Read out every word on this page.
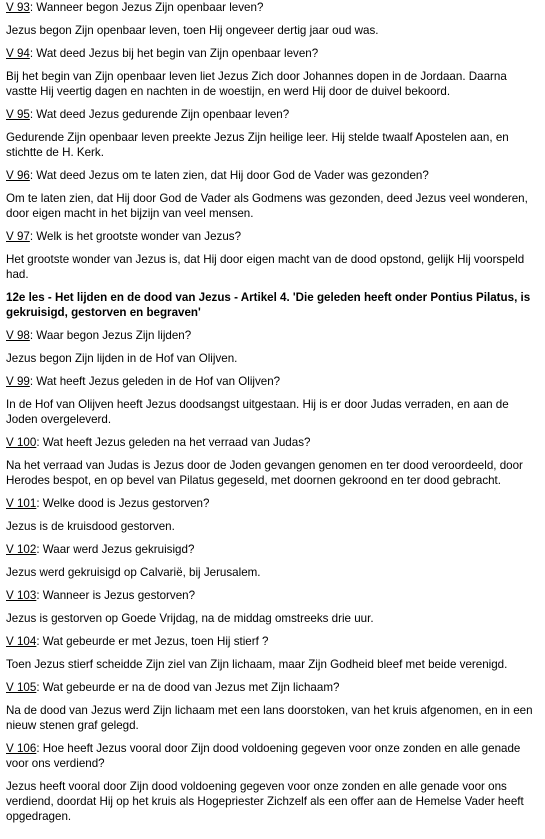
V 93: Wanneer begon Jezus Zijn openbaar leven?

Jezus begon Zijn openbaar leven, toen Hij ongeveer dertig jaar oud was.

V 94: Wat deed Jezus bij het begin van Zijn openbaar leven?

Bij het begin van Zijn openbaar leven liet Jezus Zich door Johannes dopen in de Jordaan. Daarna vastte Hij veertig dagen en nachten in de woestijn, en werd Hij door de duivel bekoord.

V 95: Wat deed Jezus gedurende Zijn openbaar leven?

Gedurende Zijn openbaar leven preekte Jezus Zijn heilige leer. Hij stelde twaalf Apostelen aan, en stichtte de H. Kerk.

V 96: Wat deed Jezus om te laten zien, dat Hij door God de Vader was gezonden?

Om te laten zien, dat Hij door God de Vader als Godmens was gezonden, deed Jezus veel wonderen, door eigen macht in het bijzijn van veel mensen.

V 97: Welk is het grootste wonder van Jezus?

Het grootste wonder van Jezus is, dat Hij door eigen macht van de dood opstond, gelijk Hij voorspeld had.

12e les - Het lijden en de dood van Jezus - Artikel 4. 'Die geleden heeft onder Pontius Pilatus, is gekruisigd, gestorven en begraven'

V 98: Waar begon Jezus Zijn lijden?

Jezus begon Zijn lijden in de Hof van Olijven.

V 99: Wat heeft Jezus geleden in de Hof van Olijven?

In de Hof van Olijven heeft Jezus doodsangst uitgestaan. Hij is er door Judas verraden, en aan de Joden overgeleverd.

V 100: Wat heeft Jezus geleden na het verraad van Judas?

Na het verraad van Judas is Jezus door de Joden gevangen genomen en ter dood veroordeeld, door Herodes bespot, en op bevel van Pilatus gegeseld, met doornen gekroond en ter dood gebracht.

V 101: Welke dood is Jezus gestorven?

Jezus is de kruisdood gestorven.

V 102: Waar werd Jezus gekruisigd?

Jezus werd gekruisigd op Calvarië, bij Jerusalem.

V 103: Wanneer is Jezus gestorven?

Jezus is gestorven op Goede Vrijdag, na de middag omstreeks drie uur.

V 104: Wat gebeurde er met Jezus, toen Hij stierf ?

Toen Jezus stierf scheidde Zijn ziel van Zijn lichaam, maar Zijn Godheid bleef met beide verenigd.

V 105: Wat gebeurde er na de dood van Jezus met Zijn lichaam?

Na de dood van Jezus werd Zijn lichaam met een lans doorstoken, van het kruis afgenomen, en in een nieuw stenen graf gelegd.

V 106: Hoe heeft Jezus vooral door Zijn dood voldoening gegeven voor onze zonden en alle genade voor ons verdiend?

Jezus heeft vooral door Zijn dood voldoening gegeven voor onze zonden en alle genade voor ons verdiend, doordat Hij op het kruis als Hogepriester Zichzelf als een offer aan de Hemelse Vader heeft opgedragen.
